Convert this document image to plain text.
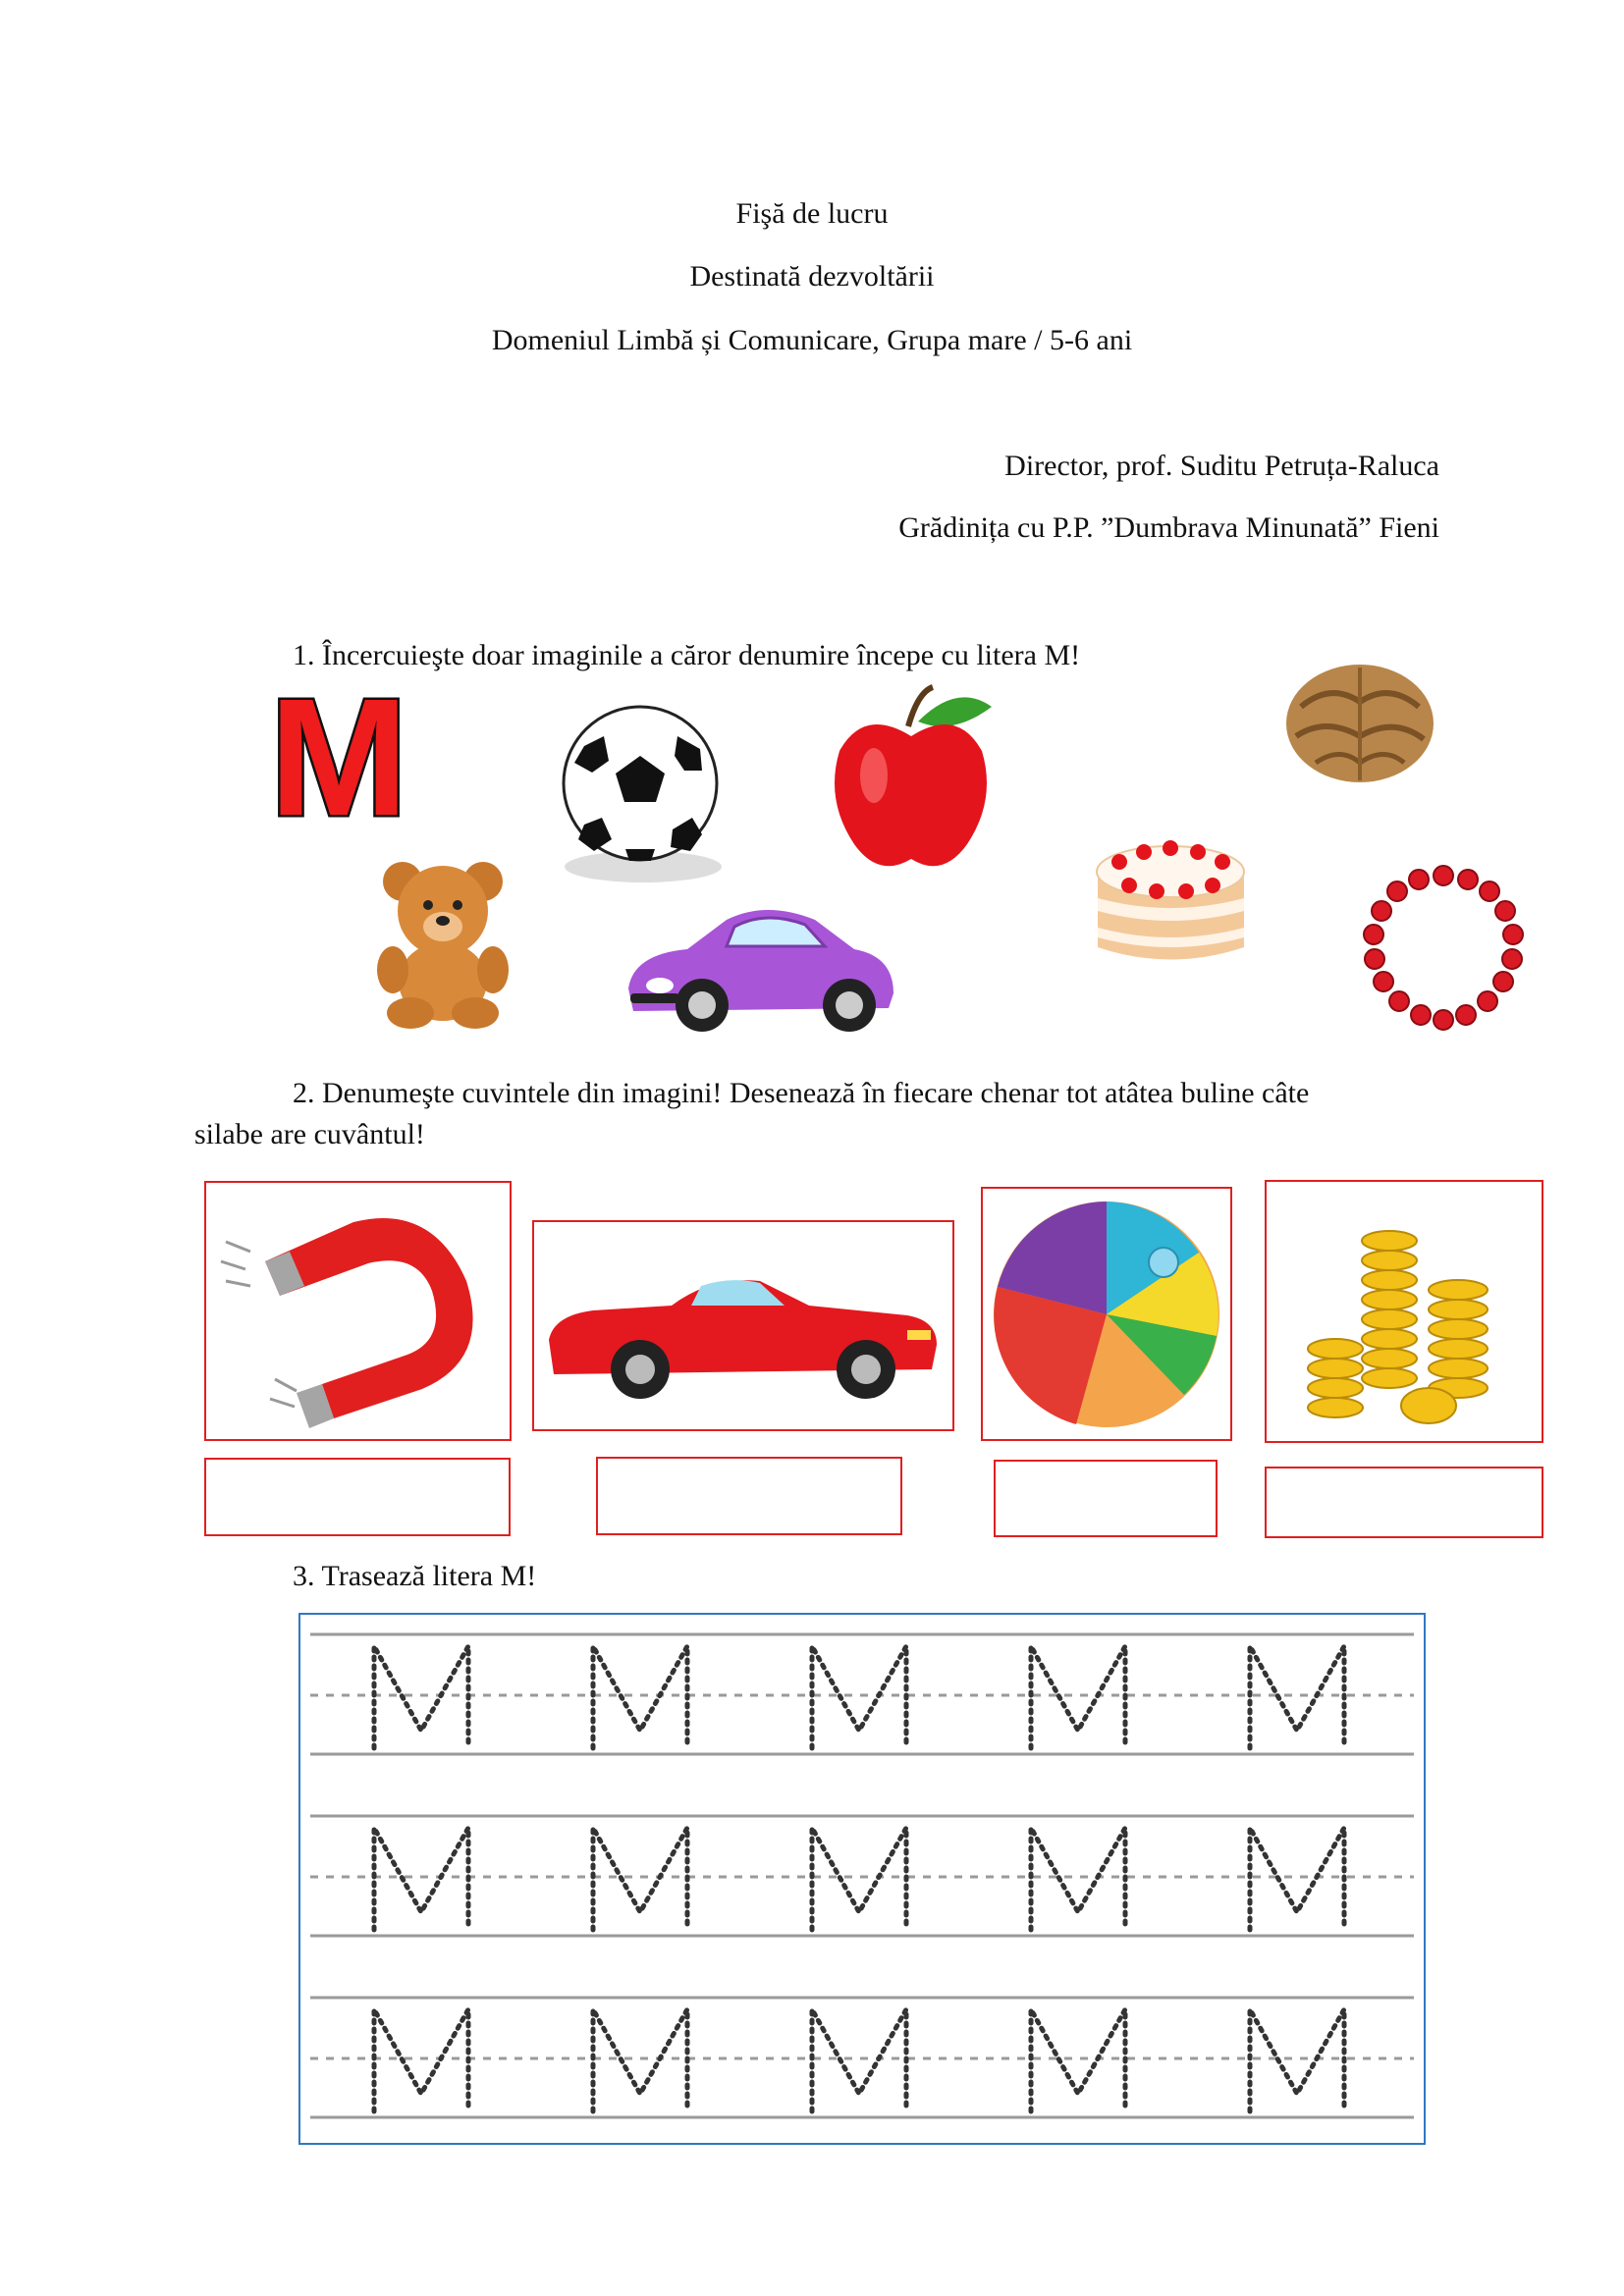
Fişă de lucru

Destinată dezvoltării

Domeniul Limbă și Comunicare, Grupa mare / 5-6 ani

Director, prof. Suditu Petruța-Raluca

Grădinița cu P.P. ”Dumbrava Minunată” Fieni

1. Încercuieşte doar imaginile a căror denumire începe cu litera M!

M

2. Denumeşte cuvintele din imagini! Desenează în fiecare chenar tot atâtea buline câte

silabe are cuvântul!

3. Trasează litera M!
